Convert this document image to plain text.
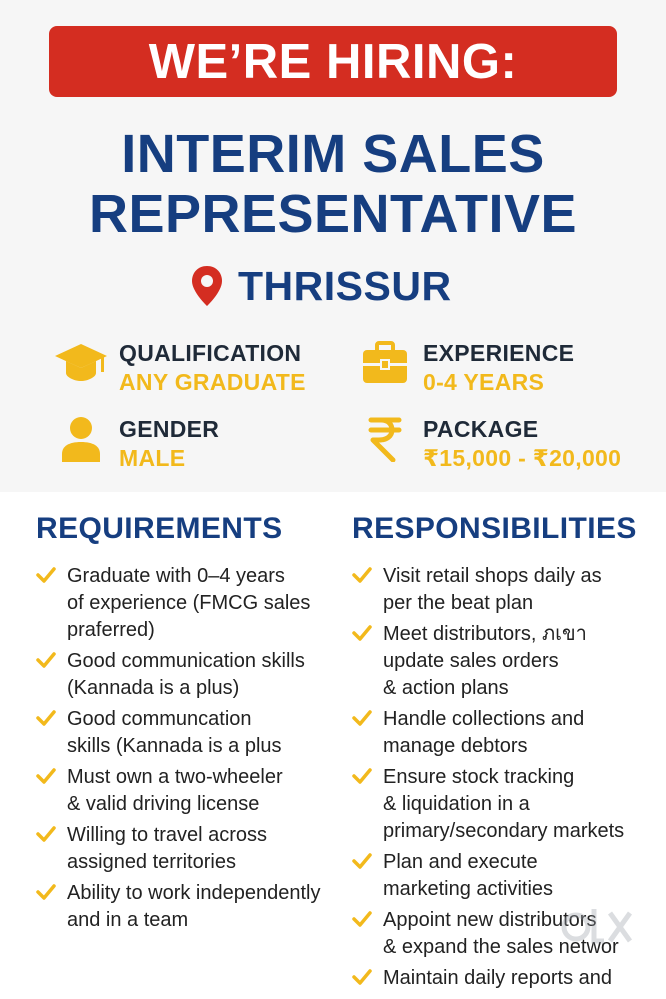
WE’RE HIRING:
INTERIM SALES
REPRESENTATIVE
THRISSUR
QUALIFICATION
ANY GRADUATE
EXPERIENCE
0-4 YEARS
GENDER
MALE
PACKAGE
₹15,000 - ₹20,000
REQUIREMENTS
Graduate with 0–4 years
of experience (FMCG sales
praferred)
Good communication skills
(Kannada is a plus)
Good communcation
skills (Kannada is a plus
Must own a two-wheeler
& valid driving license
Willing to travel across
assigned territories
Ability to work independently
and in a team
RESPONSIBILITIES
Visit retail shops daily as
per the beat plan
Meet distributors, ภเขา
update sales orders
& action plans
Handle collections and
manage debtors
Ensure stock tracking
& liquidation in a
primary/secondary markets
Plan and execute
marketing activities
Appoint new distributors
& expand the sales networ
Maintain daily reports and
